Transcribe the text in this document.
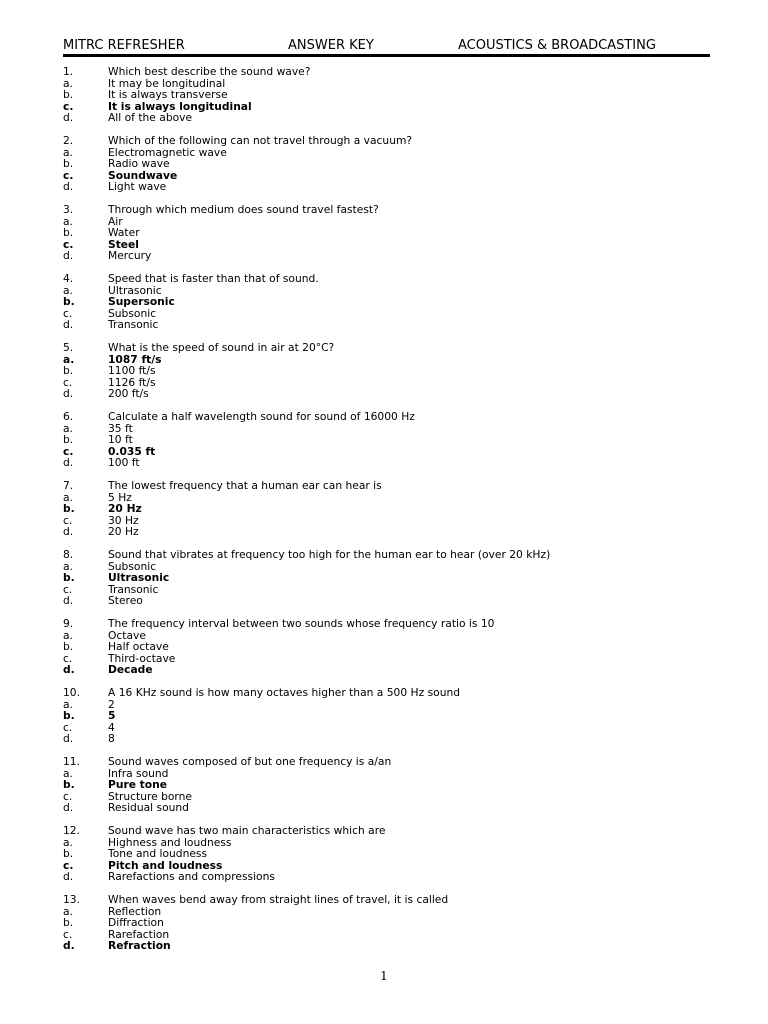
MITRC REFRESHER	ANSWER KEY	ACOUSTICS & BROADCASTING
1.	Which best describe the sound wave?
a.	It may be longitudinal
b.	It is always transverse
c.	It is always longitudinal
d.	All of the above
2.	Which of the following can not travel through a vacuum?
a.	Electromagnetic wave
b.	Radio wave
c.	Soundwave
d.	Light wave
3.	Through which medium does sound travel fastest?
a.	Air
b.	Water
c.	Steel
d.	Mercury
4.	Speed that is faster than that of sound.
a.	Ultrasonic
b.	Supersonic
c.	Subsonic
d.	Transonic
5.	What is the speed of sound in air at 20°C?
a.	1087 ft/s
b.	1100 ft/s
c.	1126 ft/s
d.	200 ft/s
6.	Calculate a half wavelength sound for sound of 16000 Hz
a.	35 ft
b.	10 ft
c.	0.035 ft
d.	100 ft
7.	The lowest frequency that a human ear can hear is
a.	5 Hz
b.	20 Hz
c.	30 Hz
d.	20 Hz
8.	Sound that vibrates at frequency too high for the human ear to hear (over 20 kHz)
a.	Subsonic
b.	Ultrasonic
c.	Transonic
d.	Stereo
9.	The frequency interval between two sounds whose frequency ratio is 10
a.	Octave
b.	Half octave
c.	Third-octave
d.	Decade
10.	A 16 KHz sound is how many octaves higher than a 500 Hz sound
a.	2
b.	5
c.	4
d.	8
11.	Sound waves composed of but one frequency is a/an
a.	Infra sound
b.	Pure tone
c.	Structure borne
d.	Residual sound
12.	Sound wave has two main characteristics which are
a.	Highness and loudness
b.	Tone and loudness
c.	Pitch and loudness
d.	Rarefactions and compressions
13.	When waves bend away from straight lines of travel, it is called
a.	Reflection
b.	Diffraction
c.	Rarefaction
d.	Refraction
1
